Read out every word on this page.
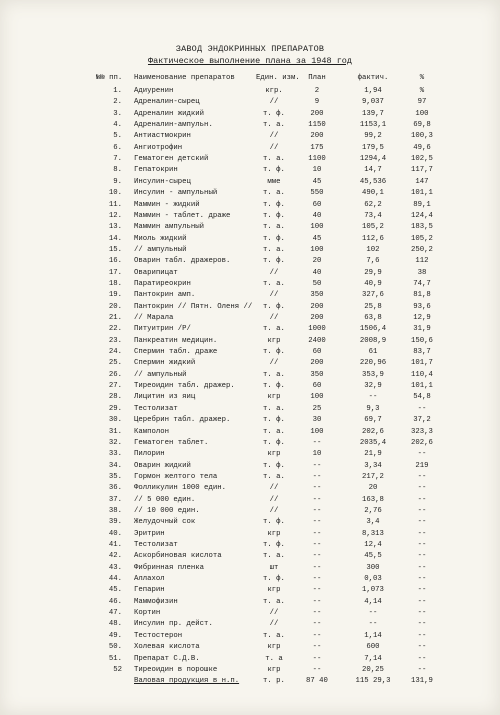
ЗАВОД ЭНДОКРИННЫХ ПРЕПАРАТОВ
Фактическое выполнение плана за 1948 год
№№ пп.	Наименование препаратов	Един. изм.	План	фактич.	%
1. Адиуренин	кгр.	2	1,94	%
2. Адреналин-сырец	//	9	9,037	97
3. Адреналин жидкий	т. ф.	200	139,7	100
4. Адреналин-ампульн.	т. а.	1150	1153,1	69,8
5. Антиастмокрин	//	200	99,2	100,3
6. Ангиотрофин	//	175	179,5	49,6
7. Гематоген детский	т. а.	1100	1294,4	102,5
8. Гепатокрин	т. ф.	10	14,7	117,7
9. Инсулин-сырец	мме	45	45,536	147
10. Инсулин - ампульный	т. а.	550	490,1	101,1
11. Маммин - жидкий	т. ф.	60	62,2	89,1
12. Маммин - таблет. драже	т. ф.	40	73,4	124,4
13. Маммин ампульный	т. а.	100	105,2	183,5
14. Миоль жидкий	т. ф.	45	112,6	105,2
15. // ампульный	т. а.	100	102	250,2
16. Оварин табл. дражеров.	т. ф.	20	7,6	112
17. Оварипицат	//	40	29,9	38
18. Паратиреокрин	т. а.	50	40,9	74,7
19. Пантокрин амп.	//	350	327,6	81,8
20. Пантокрин // Пятн. Оленя //	т. ф.	200	25,8	93,6
21. // Марала	//	200	63,8	12,9
22. Питуитрин /Р/	т. а.	1000	1506,4	31,9
23. Панкреатин медицин.	кгр	2400	2008,9	150,6
24. Спермин табл. драже	т. ф.	60	61	83,7
25. Спермин жидкий	//	200	220,96	101,7
26. // ампульный	т. а.	350	353,9	110,4
27. Тиреоидин табл. дражер.	т. ф.	60	32,9	101,1
28. Лицитин из яиц	кгр	100	--	54,8
29. Тестолизат	т. а.	25	9,3	--
30. Церебрин табл. дражер.	т. ф.	30	69,7	37,2
31. Камполон	т. а.	100	202,6	323,3
32. Гематоген таблет.	т. ф.	--	2035,4	202,6
33. Пилорин	кгр	10	21,9	--
34. Оварин жидкий	т. ф.	--	3,34	219
35. Гормон желтого тела	т. а.	--	217,2	--
36. Фолликулин 1000 един.	//	--	20	--
37. // 5 000 един.	//	--	163,8	--
38. // 10 000 един.	//	--	2,76	--
39. Желудочный сок	т. ф.	--	3,4	--
40. Эритрин	кгр	--	8,313	--
41. Тестолизат	т. ф.	--	12,4	--
42. Аскорбиновая кислота	т. а.	--	45,5	--
43. Фибринная пленка	шт	--	300	--
44. Аллахол	т. ф.	--	0,03	--
45. Гепарин	кгр	--	1,073	--
46. Маммофизин	т. а.	--	4,14	--
47. Кортин	//	--	--	--
48. Инсулин пр. дейст.	//	--	--	--
49. Тестостерон	т. а.	--	1,14	--
50. Холевая кислота	кгр	--	600	--
51. Препарат С.Д.В.	т. а	--	7,14	--
52 Тиреоидин в порошке	кгр	--	20,25	--
Валовая продукция в н.п.	т. р.	87 40	115 29,3	131,9
